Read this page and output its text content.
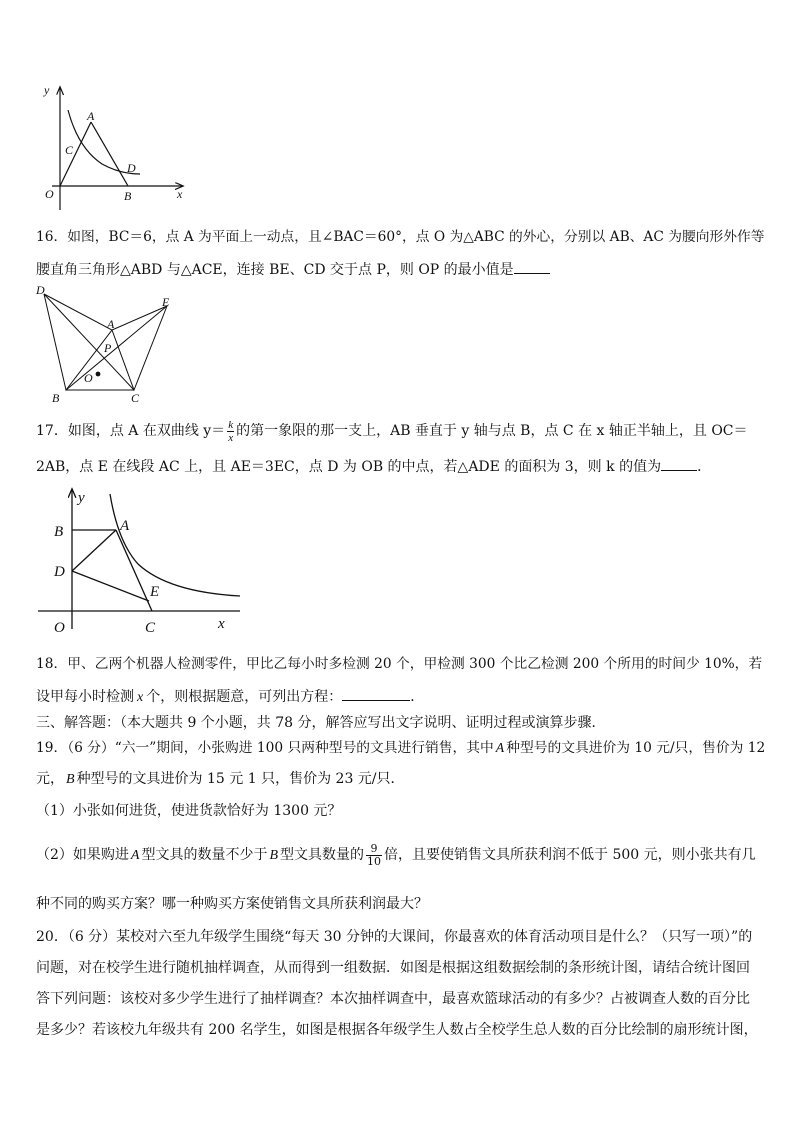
y
x
O
A
B
C
D
16．如图，BC＝6，点 A 为平面上一动点，且∠BAC＝60°，点 O 为△ABC 的外心，分别以 AB、AC 为腰向形外作等
腰直角三角形△ABD 与△ACE，连接 BE、CD 交于点 P，则 OP 的最小值是
D
E
A
P
O
B	C
17．如图，点 A 在双曲线 $y= \frac{k}{x}$ 的第一象限的那一支上，AB 垂直于 y 轴与点 B，点 C 在 x 轴正半轴上，且 OC＝
2AB，点 E 在线段 AC 上，且 AE＝3EC，点 D 为 OB 的中点，若△ADE 的面积为 3，则 k 的值为	．
y
B	A
D
E
O	C	x
18．甲、乙两个机器人检测零件，甲比乙每小时多检测 20 个，甲检测 300 个比乙检测 200 个所用的时间少 10%，若
设甲每小时检测 x 个，则根据题意，可列出方程：	．
三、解答题：（本大题共 9 个小题，共 78 分，解答应写出文字说明、证明过程或演算步骤．
19．（6 分）“六一”期间，小张购进 100 只两种型号的文具进行销售，其中 A 种型号的文具进价为 10 元/只，售价为 12
元， B 种型号的文具进价为 15 元 1 只，售价为 23 元/只．
（1）小张如何进货，使进货款恰好为 1300 元？
（2）如果购进 A 型文具的数量不少于 B 型文具数量的 $\frac{9}{10}$ 倍，且要使销售文具所获利润不低于 500 元，则小张共有几
种不同的购买方案？哪一种购买方案使销售文具所获利润最大？
20．（6 分）某校对六至九年级学生围绕“每天 30 分钟的大课间，你最喜欢的体育活动项目是什么？（只写一项）”的
问题，对在校学生进行随机抽样调查，从而得到一组数据．如图是根据这组数据绘制的条形统计图，请结合统计图回
答下列问题：该校对多少学生进行了抽样调查？本次抽样调查中，最喜欢篮球活动的有多少？占被调查人数的百分比
是多少？若该校九年级共有 200 名学生，如图是根据各年级学生人数占全校学生总人数的百分比绘制的扇形统计图，
